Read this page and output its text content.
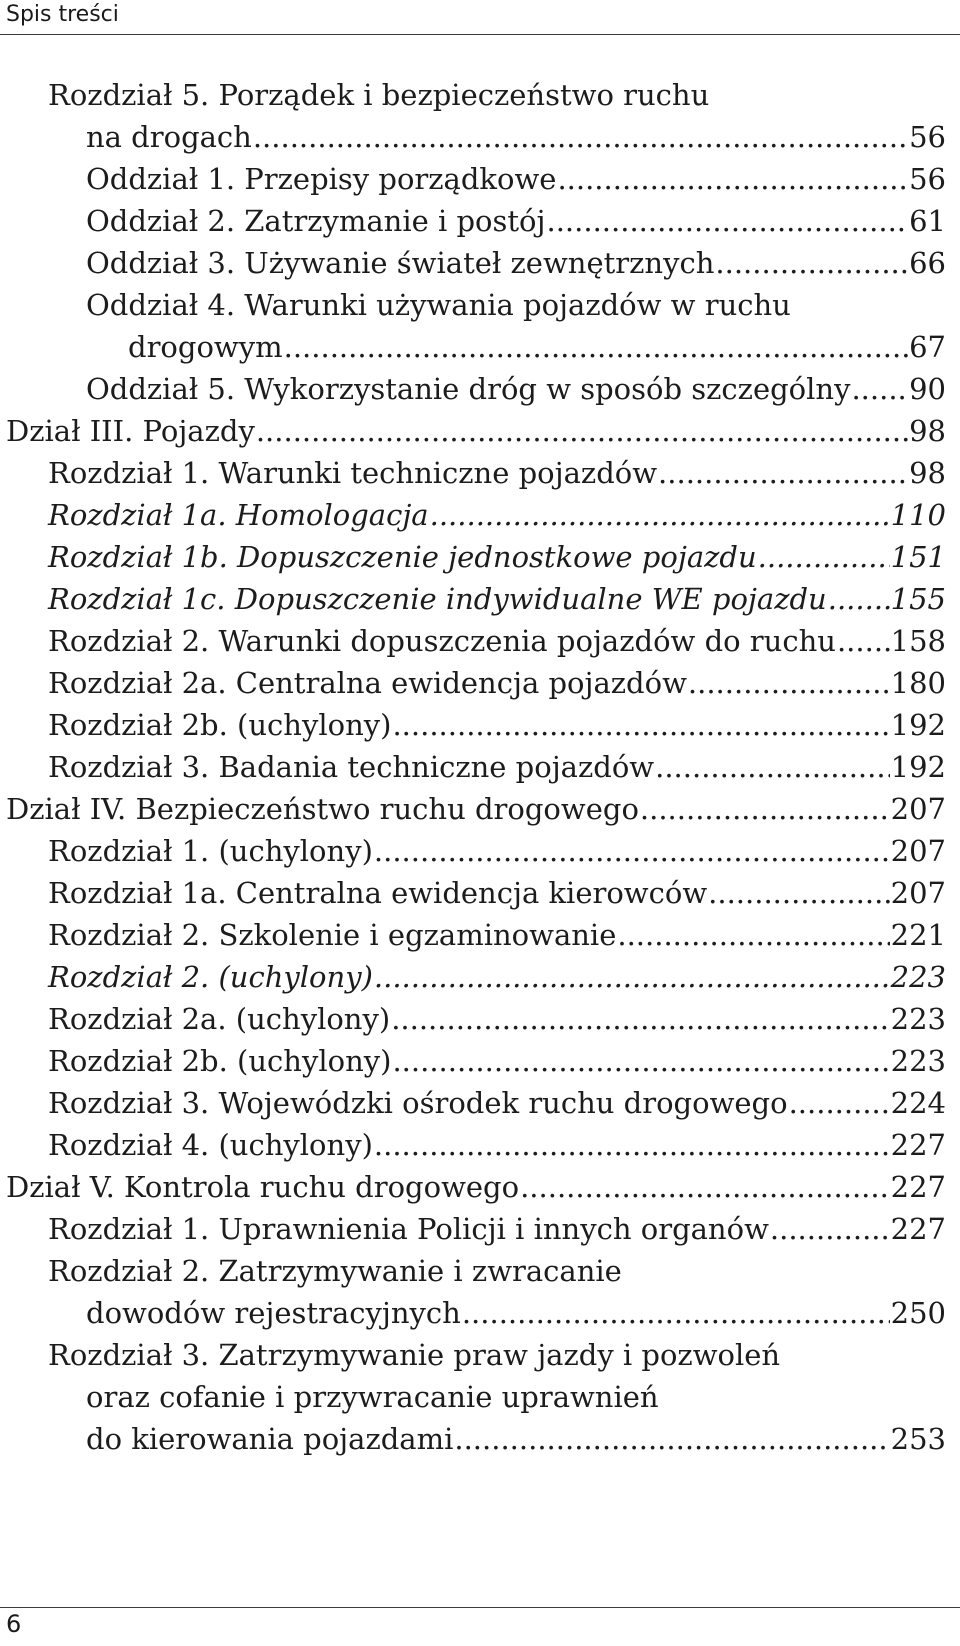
Spis treści
Rozdział 5. Porządek i bezpieczeństwo ruchu
na drogach .....	56
Oddział 1. Przepisy porządkowe .....	56
Oddział 2. Zatrzymanie i postój .....	61
Oddział 3. Używanie świateł zewnętrznych .....	66
Oddział 4. Warunki używania pojazdów w ruchu
drogowym .....	67
Oddział 5. Wykorzystanie dróg w sposób szczególny ..... 90
Dział III. Pojazdy .....	98
Rozdział 1. Warunki techniczne pojazdów .....	98
Rozdział 1a. Homologacja .....	110
Rozdział 1b. Dopuszczenie jednostkowe pojazdu .....	151
Rozdział 1c. Dopuszczenie indywidualne WE pojazdu ..... 155
Rozdział 2. Warunki dopuszczenia pojazdów do ruchu ..... 158
Rozdział 2a. Centralna ewidencja pojazdów .....	180
Rozdział 2b. (uchylony) .....	192
Rozdział 3. Badania techniczne pojazdów .....	192
Dział IV. Bezpieczeństwo ruchu drogowego .....	207
Rozdział 1. (uchylony) .....	207
Rozdział 1a. Centralna ewidencja kierowców .....	207
Rozdział 2. Szkolenie i egzaminowanie .....	221
Rozdział 2. (uchylony) .....	223
Rozdział 2a. (uchylony) .....	223
Rozdział 2b. (uchylony) .....	223
Rozdział 3. Wojewódzki ośrodek ruchu drogowego .....	224
Rozdział 4. (uchylony) .....	227
Dział V. Kontrola ruchu drogowego .....	227
Rozdział 1. Uprawnienia Policji i innych organów .....	227
Rozdział 2. Zatrzymywanie i zwracanie
dowodów rejestracyjnych .....	250
Rozdział 3. Zatrzymywanie praw jazdy i pozwoleń
oraz cofanie i przywracanie uprawnień
do kierowania pojazdami .....	253
6
